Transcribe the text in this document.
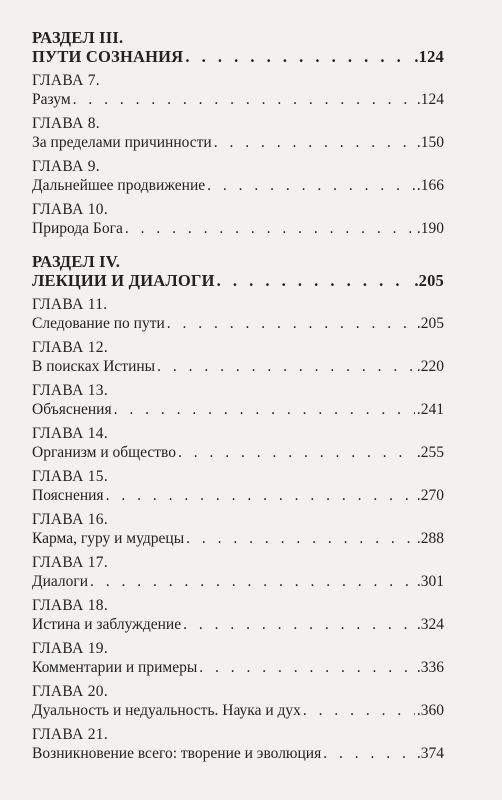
РАЗДЕЛ III.
ПУТИ СОЗНАНИЯ . . .	.124
ГЛАВА 7.
Разум . . .	.124
ГЛАВА 8.
За пределами причинности . . .	.150
ГЛАВА 9.
Дальнейшее продвижение . . .	.166
ГЛАВА 10.
Природа Бога . . .	.190
РАЗДЕЛ IV.
ЛЕКЦИИ И ДИАЛОГИ . . .	.205
ГЛАВА 11.
Следование по пути . . .	.205
ГЛАВА 12.
В поисках Истины . . .	.220
ГЛАВА 13.
Объяснения . . .	.241
ГЛАВА 14.
Организм и общество . . .	.255
ГЛАВА 15.
Пояснения . . .	.270
ГЛАВА 16.
Карма, гуру и мудрецы . . .	.288
ГЛАВА 17.
Диалоги . . .	.301
ГЛАВА 18.
Истина и заблуждение . . .	.324
ГЛАВА 19.
Комментарии и примеры . . .	.336
ГЛАВА 20.
Дуальность и недуальность. Наука и дух . . .	.360
ГЛАВА 21.
Возникновение всего: творение и эволюция . . .	.374
